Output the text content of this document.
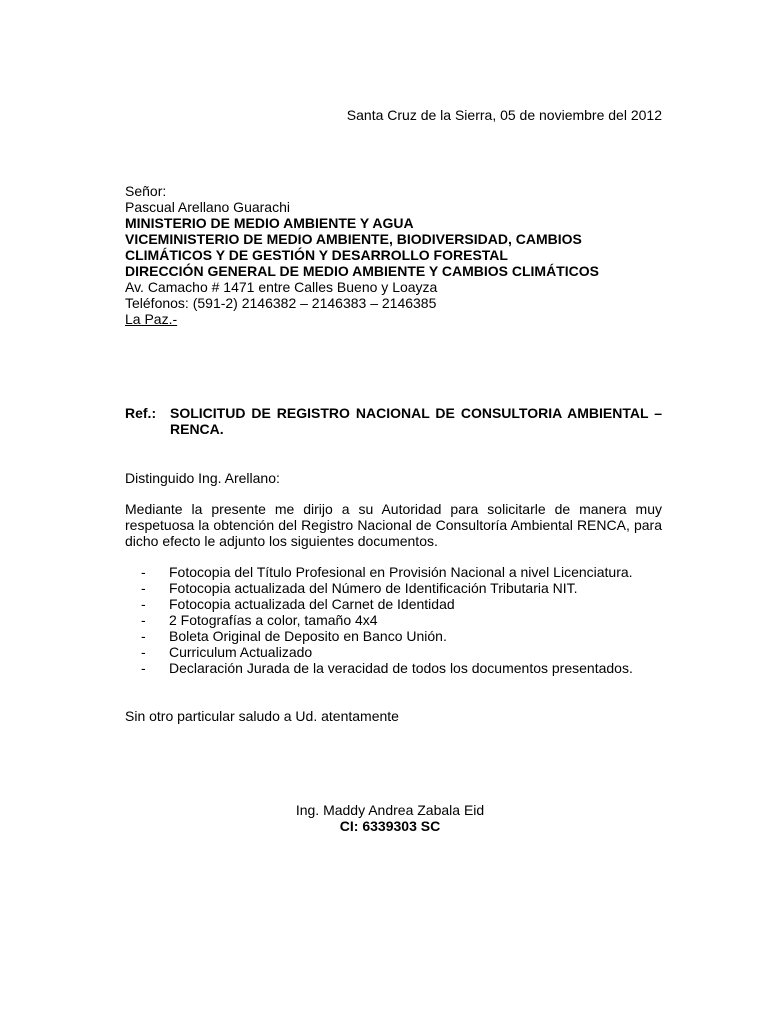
Santa Cruz de la Sierra, 05 de noviembre del 2012
Señor:
Pascual Arellano Guarachi
MINISTERIO DE MEDIO AMBIENTE Y AGUA
VICEMINISTERIO DE MEDIO AMBIENTE, BIODIVERSIDAD, CAMBIOS
CLIMÁTICOS Y DE GESTIÓN Y DESARROLLO FORESTAL
DIRECCIÓN GENERAL DE MEDIO AMBIENTE Y CAMBIOS CLIMÁTICOS
Av. Camacho # 1471 entre Calles Bueno y Loayza
Teléfonos: (591-2) 2146382 – 2146383 – 2146385
La Paz.-
Ref.: SOLICITUD DE REGISTRO NACIONAL DE CONSULTORIA AMBIENTAL – RENCA.
Distinguido Ing. Arellano:
Mediante la presente me dirijo a su Autoridad para solicitarle de manera muy respetuosa la obtención del Registro Nacional de Consultoría Ambiental RENCA, para dicho efecto le adjunto los siguientes documentos.
-	Fotocopia del Título Profesional en Provisión Nacional a nivel Licenciatura.
-	Fotocopia actualizada del Número de Identificación Tributaria NIT.
-	Fotocopia actualizada del Carnet de Identidad
-	2 Fotografías a color, tamaño 4x4
-	Boleta Original de Deposito en Banco Unión.
-	Curriculum Actualizado
-	Declaración Jurada de la veracidad de todos los documentos presentados.
Sin otro particular saludo a Ud. atentamente
Ing. Maddy Andrea Zabala Eid
CI: 6339303 SC
